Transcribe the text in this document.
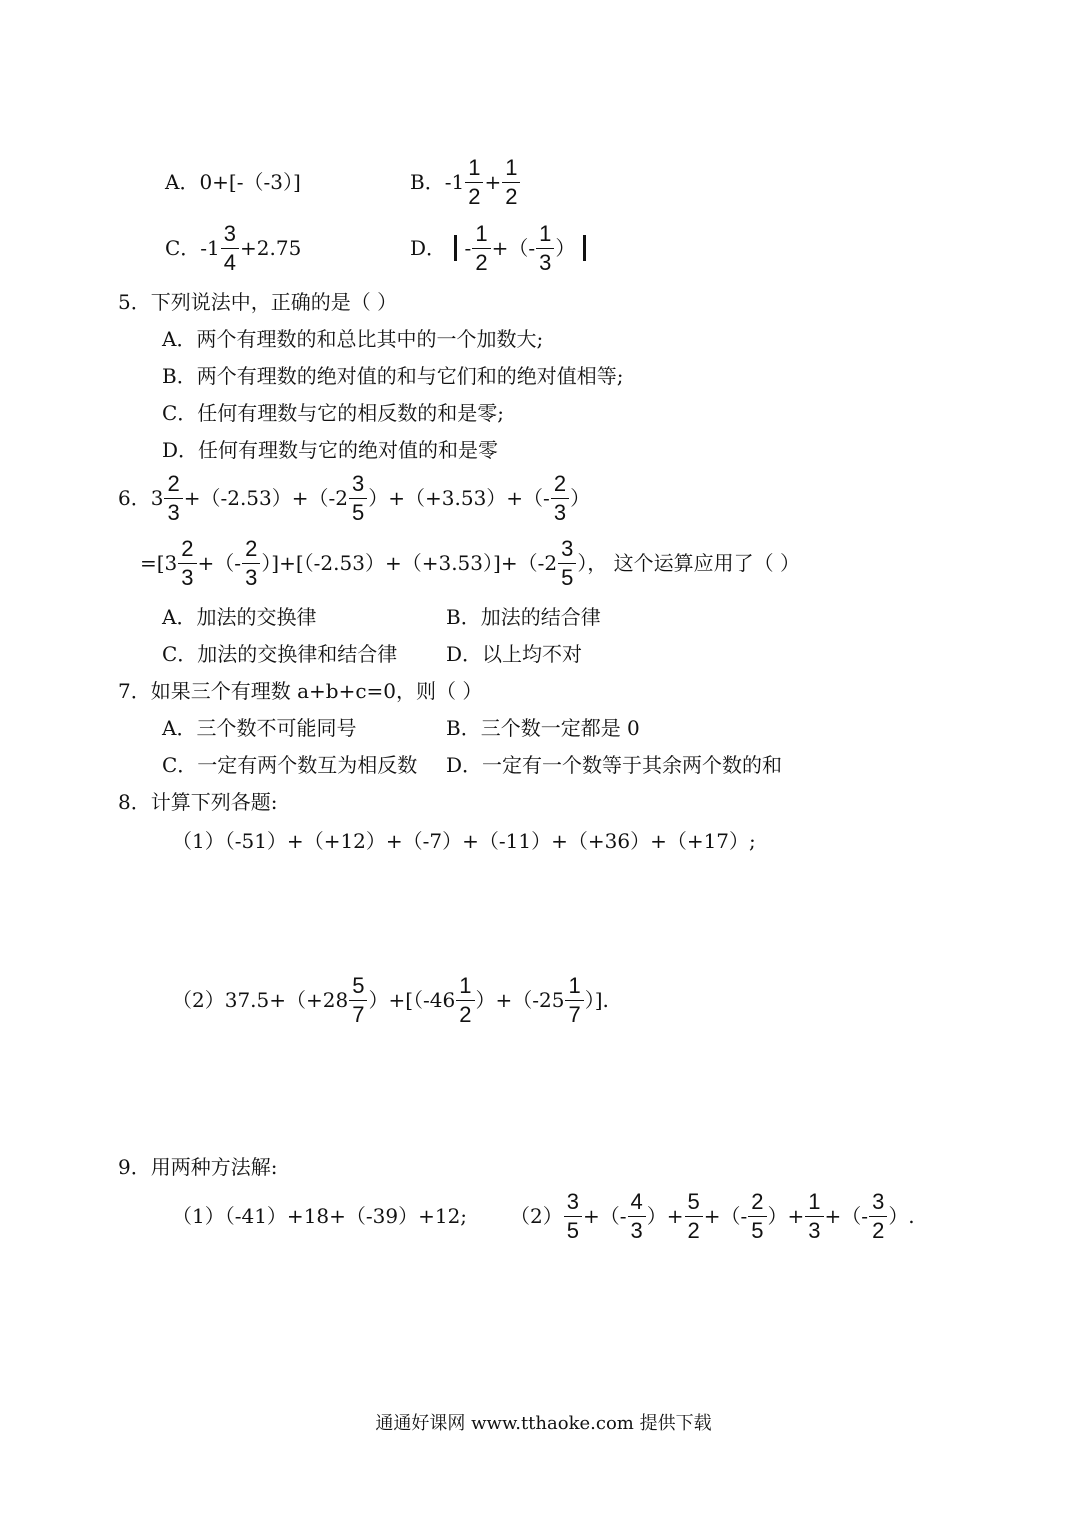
A．0+[-（-3）]	B．$-1 \frac{1}{2} + \frac{1}{2}$
C．$-1 \frac{3}{4} +2.75$	D． - $\frac{1}{2}$ +（- $\frac{1}{3}$ ）
5．下列说法中，正确的是（ ）
A．两个有理数的和总比其中的一个加数大;
B．两个有理数的绝对值的和与它们和的绝对值相等;
C．任何有理数与它的相反数的和是零;
D．任何有理数与它的绝对值的和是零
6．$3 \frac{2}{3} +(-2.53)+(-2 \frac{3}{5} )+(+3.53)+(- \frac{2}{3}$ ）
$=[3 \frac{2}{3}$ +（- $\frac{2}{3} )]+[(-2.53)+(+3.53)]+(-2 \frac{3}{5}$ ）， 这个运算应用了（ ）
A．加法的交换律	B．加法的结合律
C．加法的交换律和结合律 D．以上均不对
7．如果三个有理数 a+b+c=0，则（ ）
A．三个数不可能同号	B．三个数一定都是 0
C．一定有两个数互为相反数 D．一定有一个数等于其余两个数的和
8．计算下列各题:
（1）（-51）+（+12）+（-7）+（-11）+（+36）+（+17）;
$(2)37.5+(+28 \frac{5}{7} )+[(-46 \frac{1}{2} )+(-25 \frac{1}{7}$ ）].
9．用两种方法解:
（1）（-41）+18+（-39）+12; $(2) \frac{3}{5}$ +（- $\frac{4}{3}$ ）+ $\frac{5}{2}$ +（- $\frac{2}{5}$ ）+ $\frac{1}{3}$ +（- $\frac{3}{2}$ ）.
通通好课网 www.tthaoke.com 提供下载
